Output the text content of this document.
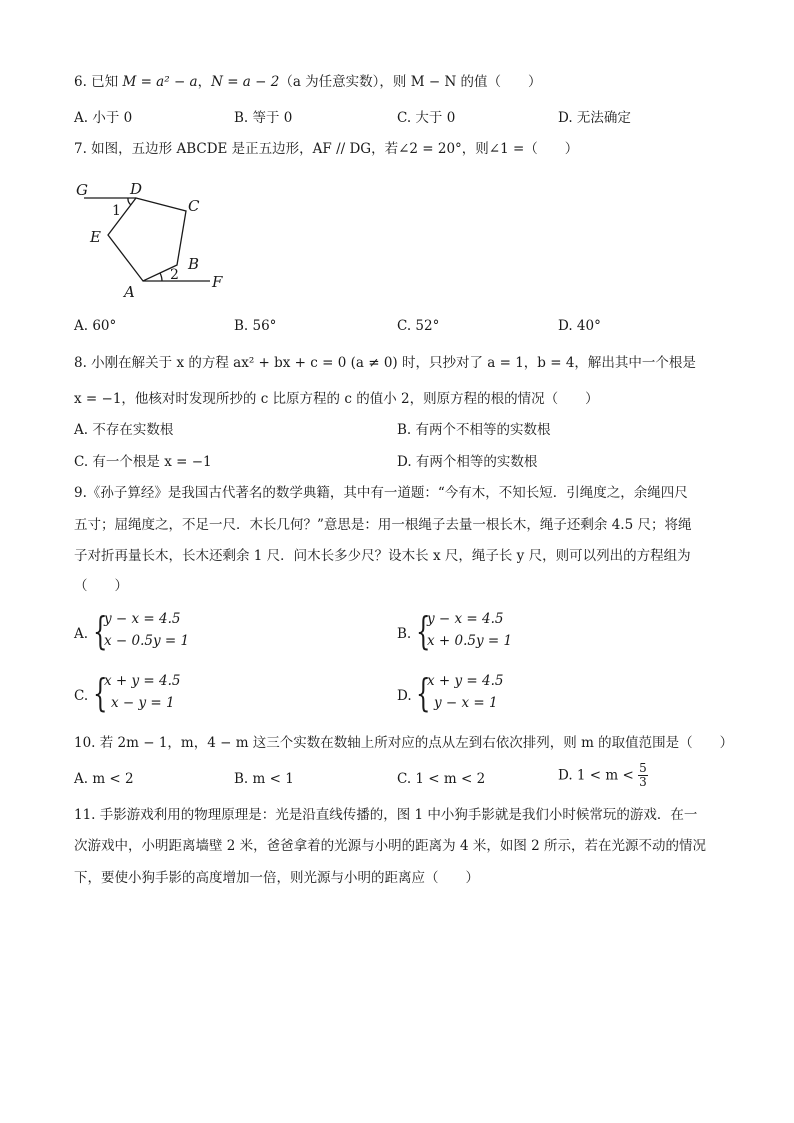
6. 已知 M = a² − a，N = a − 2（a 为任意实数），则 M − N 的值（　　）
A. 小于 0	B. 等于 0	C. 大于 0	D. 无法确定
7. 如图，五边形 ABCDE 是正五边形，AF // DG，若∠2 = 20°，则∠1 =（　　）
G	D
C
E
B
A
F
1
2
A. 60°	B. 56°	C. 52°	D. 40°
8. 小刚在解关于 x 的方程 ax² + bx + c = 0 (a ≠ 0) 时，只抄对了 a = 1，b = 4，解出其中一个根是
x = −1，他核对时发现所抄的 c 比原方程的 c 的值小 2，则原方程的根的情况（　　）
A. 不存在实数根	B. 有两个不相等的实数根
C. 有一个根是 x = −1	D. 有两个相等的实数根
9.《孙子算经》是我国古代著名的数学典籍，其中有一道题：“今有木，不知长短．引绳度之，余绳四尺
五寸；屈绳度之，不足一尺．木长几何？”意思是：用一根绳子去量一根长木，绳子还剩余 4.5 尺；将绳
子对折再量长木，长木还剩余 1 尺．问木长多少尺？设木长 x 尺，绳子长 y 尺，则可以列出的方程组为
（　　）
A. {
y − x = 4.5
x − 0.5y = 1	B. {
y − x = 4.5
x + 0.5y = 1
C. {
x + y = 4.5
x − y = 1	D. {
x + y = 4.5
y − x = 1
10. 若 2m − 1，m，4 − m 这三个实数在数轴上所对应的点从左到右依次排列，则 m 的取值范围是（　　）
A. m < 2	B. m < 1	C. 1 < m < 2	D. $1 < m < \frac{5}{3}$
11. 手影游戏利用的物理原理是：光是沿直线传播的，图 1 中小狗手影就是我们小时候常玩的游戏．在一
次游戏中，小明距离墙壁 2 米，爸爸拿着的光源与小明的距离为 4 米，如图 2 所示，若在光源不动的情况
下，要使小狗手影的高度增加一倍，则光源与小明的距离应（　　）
